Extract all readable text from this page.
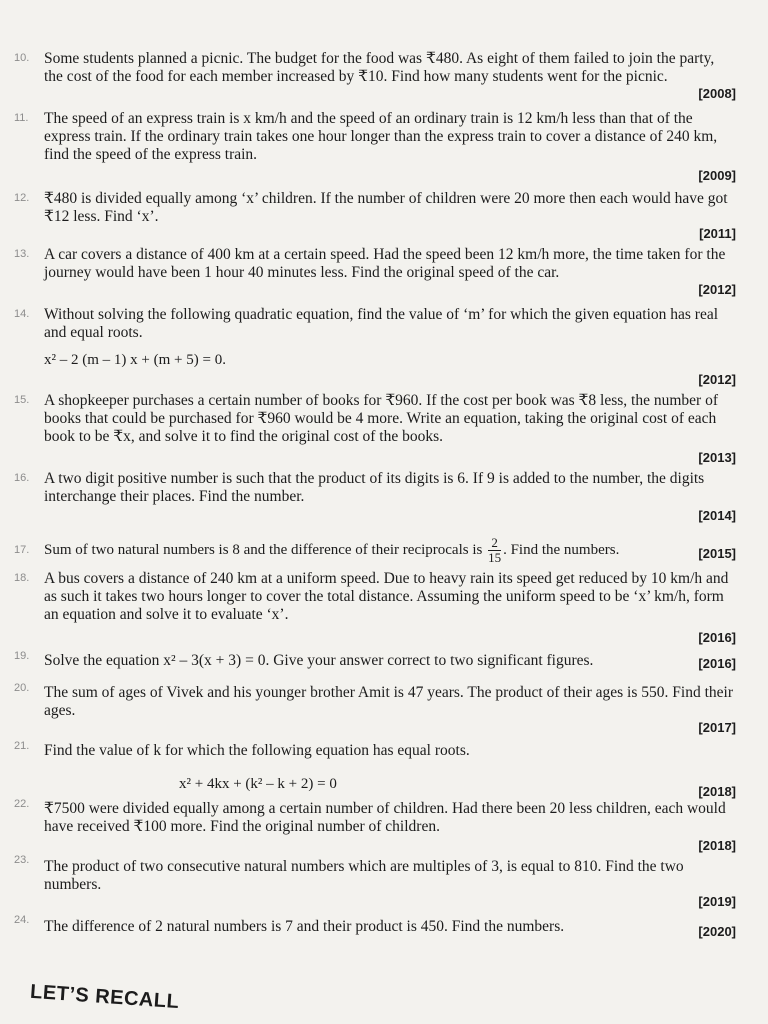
10. Some students planned a picnic. The budget for the food was ₹480. As eight of them failed to join the party, the cost of the food for each member increased by ₹10. Find how many students went for the picnic.
[2008]
11.	The speed of an express train is x km/h and the speed of an ordinary train is 12 km/h less than that of the express train. If the ordinary train takes one hour longer than the express train to cover a distance of 240 km, find the speed of the express train.
[2009]
12. ₹480 is divided equally among ‘x’ children. If the number of children were 20 more then each would have got ₹12 less. Find ‘x’.
[2011]
13. A car covers a distance of 400 km at a certain speed. Had the speed been 12 km/h more, the time taken for the journey would have been 1 hour 40 minutes less. Find the original speed of the car.
[2012]
14. Without solving the following quadratic equation, find the value of ‘m’ for which the given equation has real and equal roots.
x² – 2 (m – 1) x + (m + 5) = 0.
[2012]
15. A shopkeeper purchases a certain number of books for ₹960. If the cost per book was ₹8 less, the number of books that could be purchased for ₹960 would be 4 more. Write an equation, taking the original cost of each book to be ₹x, and solve it to find the original cost of the books.
[2013]
16. A two digit positive number is such that the product of its digits is 6. If 9 is added to the number, the digits interchange their places. Find the number.
[2014]
17. Sum of two natural numbers is 8 and the difference of their reciprocals is $\frac{2}{15}$ . Find the numbers.	[2015]
18. A bus covers a distance of 240 km at a uniform speed. Due to heavy rain its speed get reduced by 10 km/h and as such it takes two hours longer to cover the total distance. Assuming the uniform speed to be ‘x’ km/h, form an equation and solve it to evaluate ‘x’.
[2016]
19. Solve the equation x² – 3(x + 3) = 0. Give your answer correct to two significant figures.	[2016]
20. The sum of ages of Vivek and his younger brother Amit is 47 years. The product of their ages is 550. Find their ages.
[2017]
21. Find the value of k for which the following equation has equal roots.
x² + 4kx + (k² – k + 2) = 0	[2018]
22. ₹7500 were divided equally among a certain number of children. Had there been 20 less children, each would have received ₹100 more. Find the original number of children.
[2018]
23. The product of two consecutive natural numbers which are multiples of 3, is equal to 810. Find the two numbers.
[2019]
24. The difference of 2 natural numbers is 7 and their product is 450. Find the numbers.	[2020]
LET’S RECALL
